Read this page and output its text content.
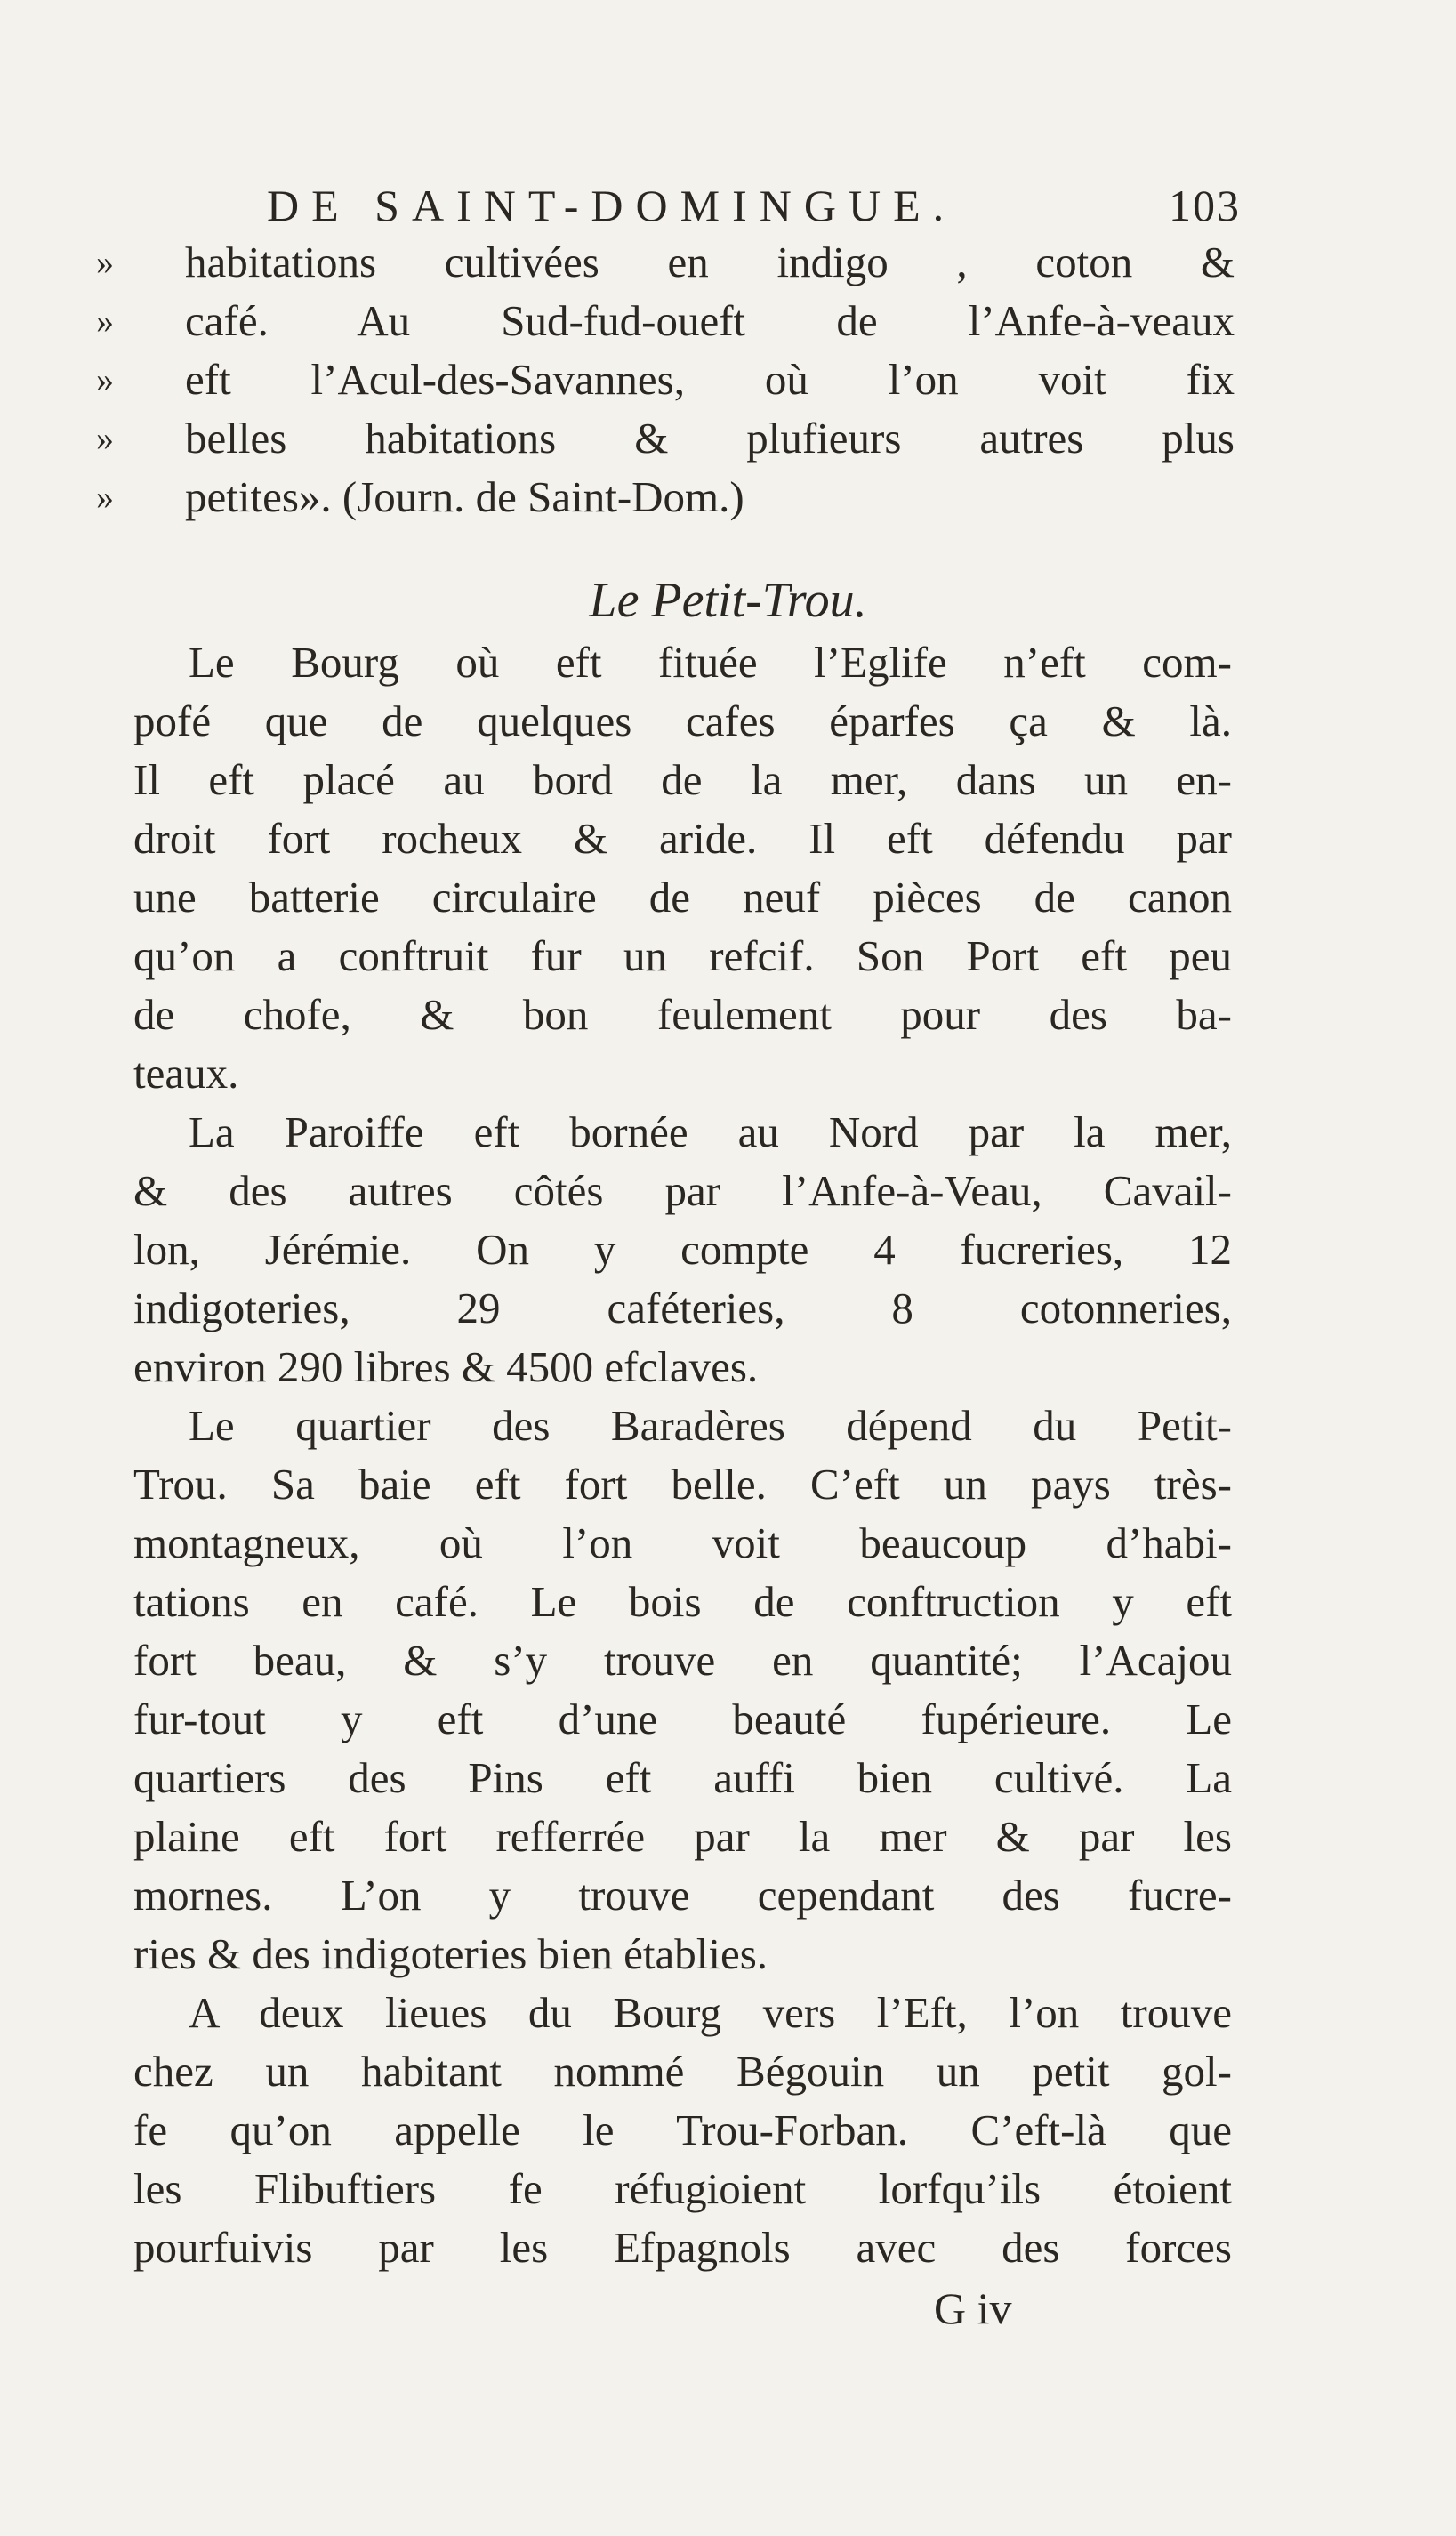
DE SAINT-DOMINGUE.	103
»
»
»
»
»
habitations cultivées en indigo , coton &
café. Au Sud-fud-oueft de l’Anfe-à-veaux
eft l’Acul-des-Savannes, où l’on voit fix
belles habitations & plufieurs autres plus
petites». (Journ. de Saint-Dom.)
Le Petit-Trou.
Le Bourg où eft fituée l’Eglife n’eft com-
pofé que de quelques cafes éparfes ça & là.
Il eft placé au bord de la mer, dans un en-
droit fort rocheux & aride. Il eft défendu par
une batterie circulaire de neuf pièces de canon
qu’on a conftruit fur un refcif. Son Port eft peu
de chofe, & bon feulement pour des ba-
teaux.
La Paroiffe eft bornée au Nord par la mer,
& des autres côtés par l’Anfe-à-Veau, Cavail-
lon, Jérémie. On y compte 4 fucreries, 12
indigoteries, 29 caféteries, 8 cotonneries,
environ 290 libres & 4500 efclaves.
Le quartier des Baradères dépend du Petit-
Trou. Sa baie eft fort belle. C’eft un pays très-
montagneux, où l’on voit beaucoup d’habi-
tations en café. Le bois de conftruction y eft
fort beau, & s’y trouve en quantité; l’Acajou
fur-tout y eft d’une beauté fupérieure. Le
quartiers des Pins eft auffi bien cultivé. La
plaine eft fort refferrée par la mer & par les
mornes. L’on y trouve cependant des fucre-
ries & des indigoteries bien établies.
A deux lieues du Bourg vers l’Eft, l’on trouve
chez un habitant nommé Bégouin un petit gol-
fe qu’on appelle le Trou-Forban. C’eft-là que
les Flibuftiers fe réfugioient lorfqu’ils étoient
pourfuivis par les Efpagnols avec des forces
G iv
